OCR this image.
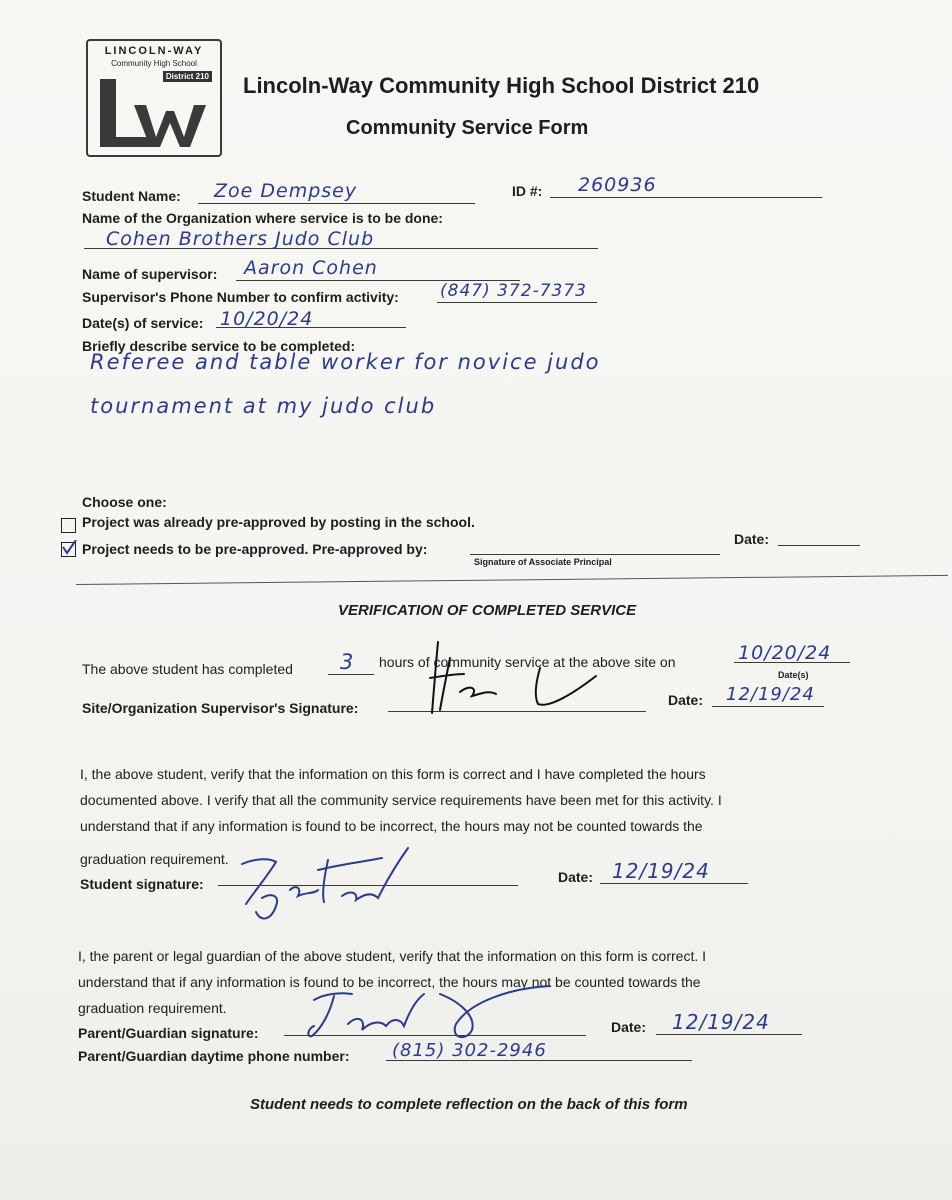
LINCOLN-WAY
Community High School
District 210 Lincoln-Way Community High School District 210
Community Service Form
Student Name: Zoe Dempsey	ID #: 260936
Name of the Organization where service is to be done:
Cohen Brothers Judo Club
Name of supervisor: Aaron Cohen
Supervisor's Phone Number to confirm activity: (847) 372-7373
Date(s) of service: 10/20/24
Briefly describe service to be completed:
Referee and table worker for novice judo
tournament at my judo club
Choose one:
Project was already pre-approved by posting in the school.
Project needs to be pre-approved. Pre-approved by:
Signature of Associate Principal
Date:
VERIFICATION OF COMPLETED SERVICE
The above student has completed 3 hours of community service at the above site on	10/20/24
Date(s)
Site/Organization Supervisor's Signature:	Date: 12/19/24
I, the above student, verify that the information on this form is correct and I have completed the hours
documented above. I verify that all the community service requirements have been met for this activity. I
understand that if any information is found to be incorrect, the hours may not be counted towards the
graduation requirement.
Student signature:	Date: 12/19/24
I, the parent or legal guardian of the above student, verify that the information on this form is correct. I
understand that if any information is found to be incorrect, the hours may not be counted towards the
graduation requirement.
Parent/Guardian signature:	Date: 12/19/24
Parent/Guardian daytime phone number: (815) 302-2946
Student needs to complete reflection on the back of this form
